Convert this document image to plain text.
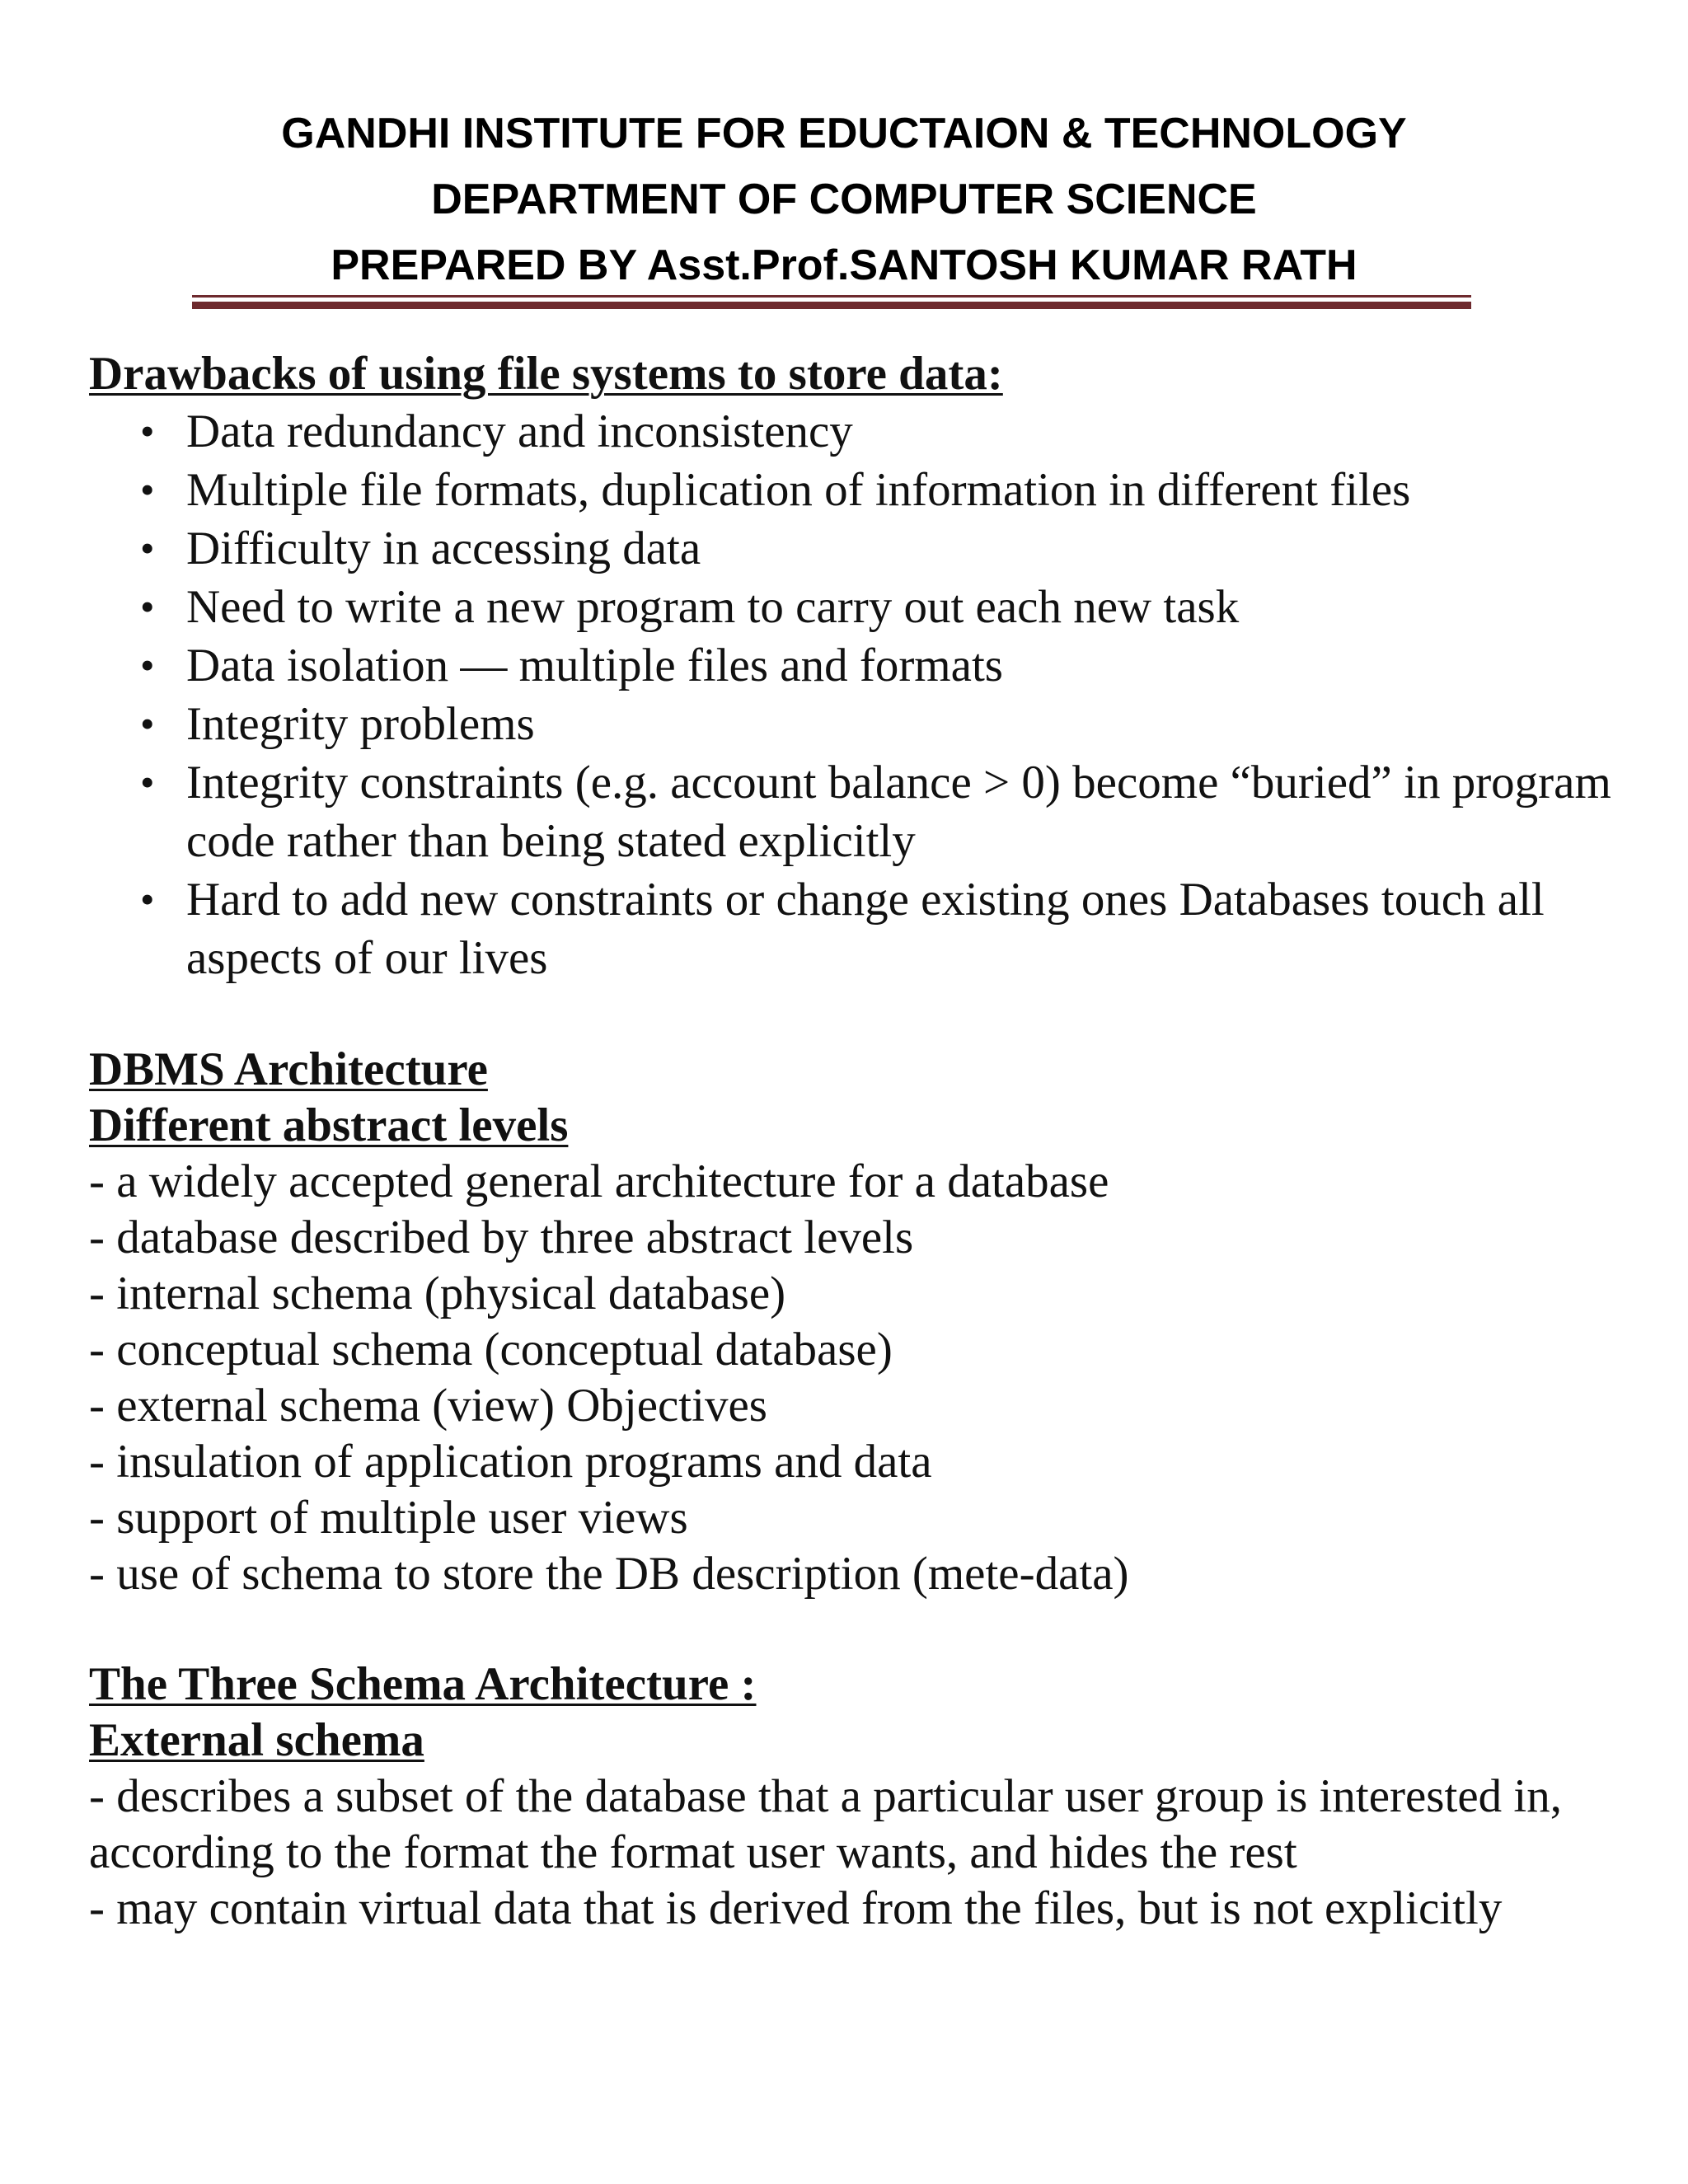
GANDHI INSTITUTE FOR EDUCTAION & TECHNOLOGY
DEPARTMENT OF COMPUTER SCIENCE
PREPARED BY Asst.Prof.SANTOSH KUMAR RATH
Drawbacks of using file systems to store data:
• Data redundancy and inconsistency
• Multiple file formats, duplication of information in different files
• Difficulty in accessing data
• Need to write a new program to carry out each new task
• Data isolation — multiple files and formats
• Integrity problems
• Integrity constraints (e.g. account balance > 0) become “buried” in program code rather than being stated explicitly
• Hard to add new constraints or change existing ones Databases touch all aspects of our lives
DBMS Architecture
Different abstract levels
- a widely accepted general architecture for a database
- database described by three abstract levels
- internal schema (physical database)
- conceptual schema (conceptual database)
- external schema (view) Objectives
- insulation of application programs and data
- support of multiple user views
- use of schema to store the DB description (mete-data)
The Three Schema Architecture :
External schema
- describes a subset of the database that a particular user group is interested in, according to the format the format user wants, and hides the rest
- may contain virtual data that is derived from the files, but is not explicitly
